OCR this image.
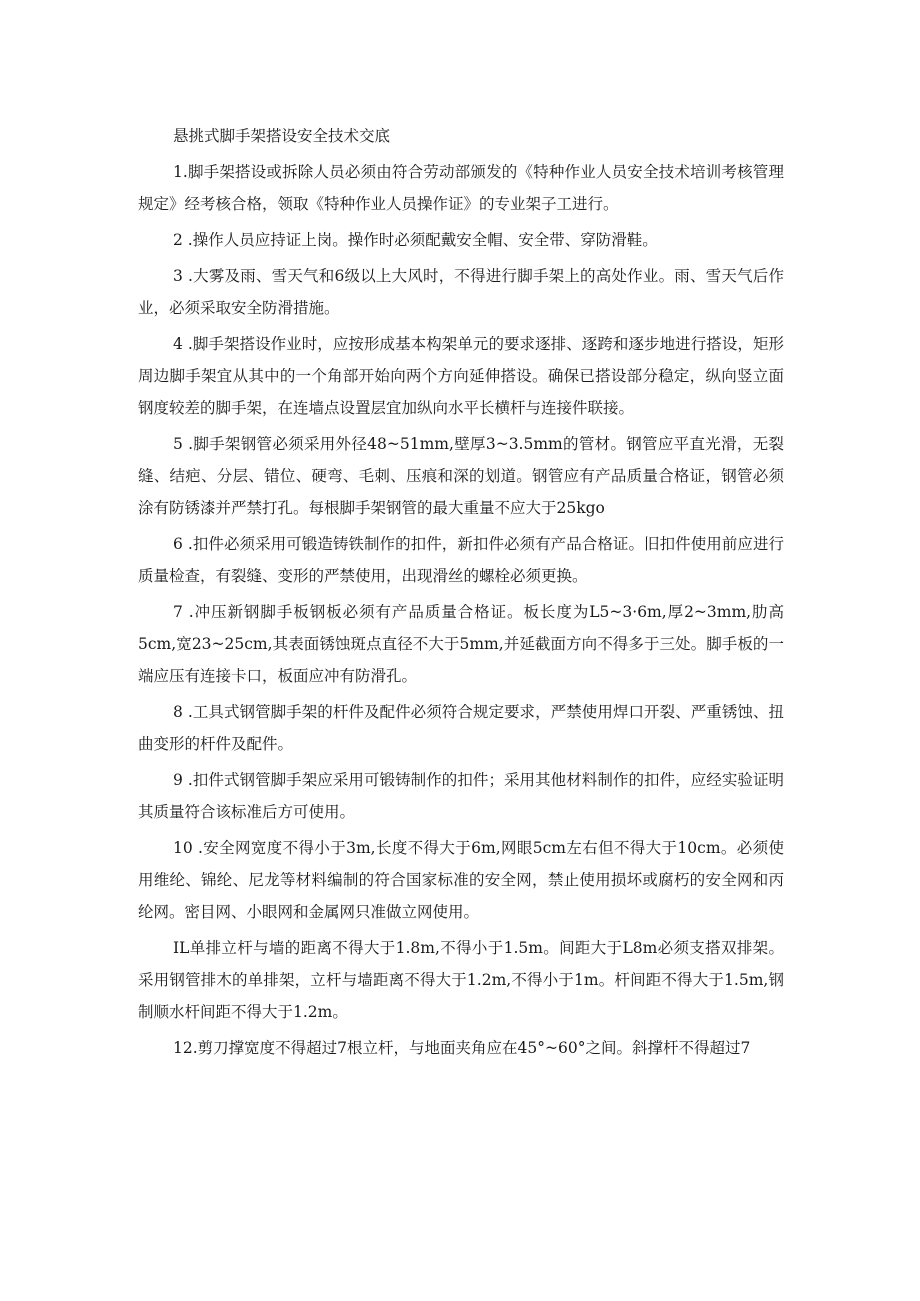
悬挑式脚手架搭设安全技术交底

1.脚手架搭设或拆除人员必须由符合劳动部颁发的《特种作业人员安全技术培训考核管理规定》经考核合格，领取《特种作业人员操作证》的专业架子工进行。

2 .操作人员应持证上岗。操作时必须配戴安全帽、安全带、穿防滑鞋。

3 .大雾及雨、雪天气和6级以上大风时，不得进行脚手架上的高处作业。雨、雪天气后作业，必须采取安全防滑措施。

4 .脚手架搭设作业时，应按形成基本构架单元的要求逐排、逐跨和逐步地进行搭设，矩形周边脚手架宜从其中的一个角部开始向两个方向延伸搭设。确保已搭设部分稳定，纵向竖立面钢度较差的脚手架，在连墙点设置层宜加纵向水平长横杆与连接件联接。

5 .脚手架钢管必须采用外径48~51mm,壁厚3~3.5mm的管材。钢管应平直光滑，无裂缝、结疤、分层、错位、硬弯、毛刺、压痕和深的划道。钢管应有产品质量合格证，钢管必须涂有防锈漆并严禁打孔。每根脚手架钢管的最大重量不应大于25kgo

6 .扣件必须采用可锻造铸铁制作的扣件，新扣件必须有产品合格证。旧扣件使用前应进行质量检查，有裂缝、变形的严禁使用，出现滑丝的螺栓必须更换。

7 .冲压新钢脚手板钢板必须有产品质量合格证。板长度为L5~3·6m,厚2~3mm,肋高5cm,宽23~25cm,其表面锈蚀斑点直径不大于5mm,并延截面方向不得多于三处。脚手板的一端应压有连接卡口，板面应冲有防滑孔。

8 .工具式钢管脚手架的杆件及配件必须符合规定要求，严禁使用焊口开裂、严重锈蚀、扭曲变形的杆件及配件。

9 .扣件式钢管脚手架应采用可锻铸制作的扣件；采用其他材料制作的扣件，应经实验证明其质量符合该标准后方可使用。

10 .安全网宽度不得小于3m,长度不得大于6m,网眼5cm左右但不得大于10cm。必须使用维纶、锦纶、尼龙等材料编制的符合国家标准的安全网，禁止使用损坏或腐朽的安全网和丙纶网。密目网、小眼网和金属网只准做立网使用。

IL单排立杆与墙的距离不得大于1.8m,不得小于1.5m。间距大于L8m必须支搭双排架。采用钢管排木的单排架，立杆与墙距离不得大于1.2m,不得小于1m。杆间距不得大于1.5m,钢制顺水杆间距不得大于1.2m。

12.剪刀撑宽度不得超过7根立杆，与地面夹角应在45°~60°之间。斜撑杆不得超过7
